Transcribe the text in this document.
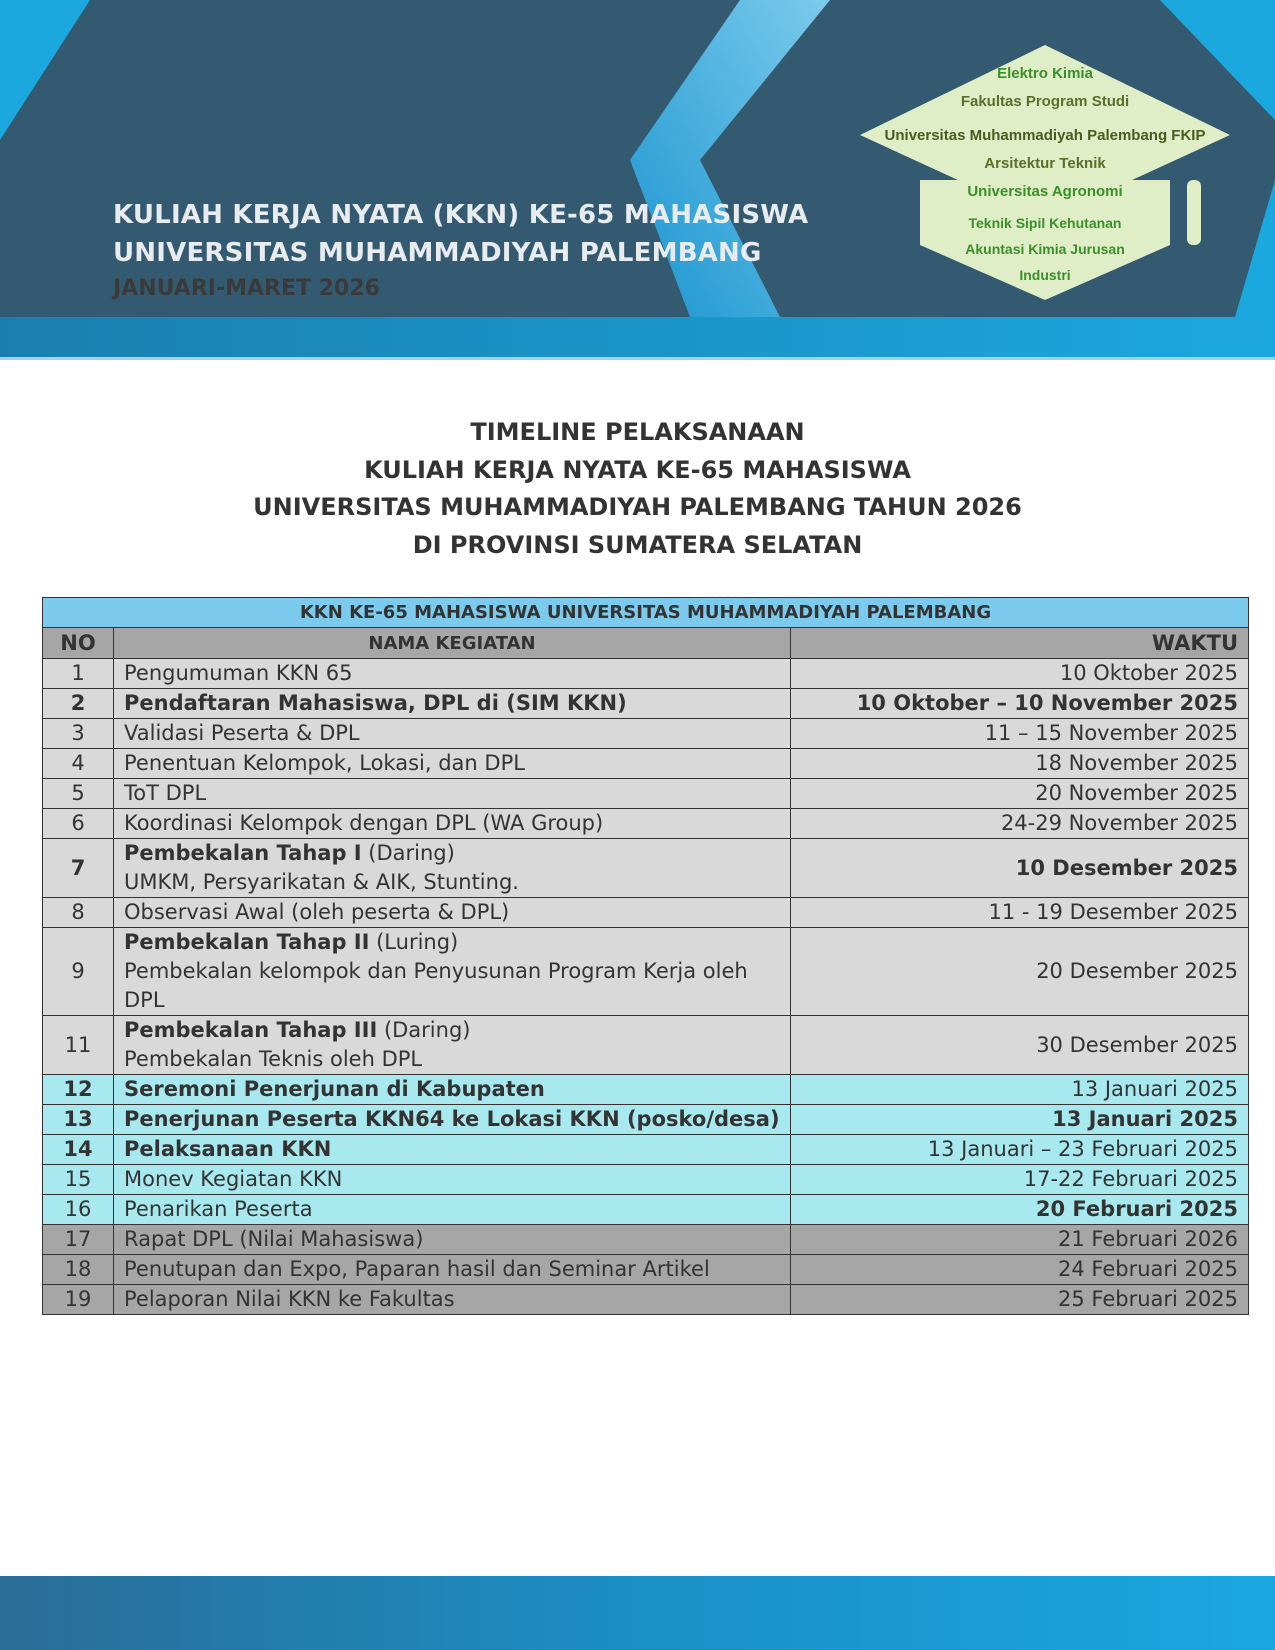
Elektro Kimia
Fakultas Program Studi
Universitas Muhammadiyah Palembang FKIP
Arsitektur Teknik
Universitas Agronomi
Teknik Sipil Kehutanan
Akuntasi Kimia Jurusan
Industri
KULIAH KERJA NYATA (KKN) KE-65 MAHASISWA
UNIVERSITAS MUHAMMADIYAH PALEMBANG
JANUARI-MARET 2026
TIMELINE PELAKSANAAN
KULIAH KERJA NYATA KE-65 MAHASISWA
UNIVERSITAS MUHAMMADIYAH PALEMBANG TAHUN 2026
DI PROVINSI SUMATERA SELATAN
KKN KE-65 MAHASISWA UNIVERSITAS MUHAMMADIYAH PALEMBANG		
NO	NAMA KEGIATAN	WAKTU
1	Pengumuman KKN 65	10 Oktober 2025
2	Pendaftaran Mahasiswa, DPL di (SIM KKN)	10 Oktober – 10 November 2025
3	Validasi Peserta & DPL	11 – 15 November 2025
4	Penentuan Kelompok, Lokasi, dan DPL	18 November 2025
5	ToT DPL	20 November 2025
6	Koordinasi Kelompok dengan DPL (WA Group)	24-29 November 2025
7	Pembekalan Tahap I (Daring)
UMKM, Persyarikatan & AIK, Stunting.	10 Desember 2025
8	Observasi Awal (oleh peserta & DPL)	11 - 19 Desember 2025
9	Pembekalan Tahap II (Luring)
Pembekalan kelompok dan Penyusunan Program Kerja oleh DPL	20 Desember 2025
11	Pembekalan Tahap III (Daring)
Pembekalan Teknis oleh DPL	30 Desember 2025
12	Seremoni Penerjunan di Kabupaten	13 Januari 2025
13	Penerjunan Peserta KKN64 ke Lokasi KKN (posko/desa)	13 Januari 2025
14	Pelaksanaan KKN	13 Januari – 23 Februari 2025
15	Monev Kegiatan KKN	17-22 Februari 2025
16	Penarikan Peserta	20 Februari 2025
17	Rapat DPL (Nilai Mahasiswa)	21 Februari 2026
18	Penutupan dan Expo, Paparan hasil dan Seminar Artikel	24 Februari 2025
19	Pelaporan Nilai KKN ke Fakultas	25 Februari 2025
